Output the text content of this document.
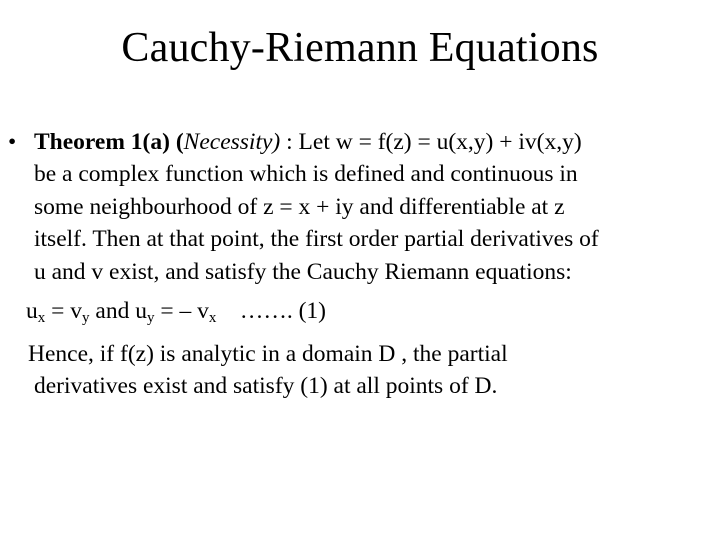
Cauchy-Riemann Equations
• Theorem 1(a) (Necessity) : Let w = f(z) = u(x,y) + iv(x,y)
be a complex function which is defined and continuous in
some neighbourhood of z = x + iy and differentiable at z
itself. Then at that point, the first order partial derivatives of
u and v exist, and satisfy the Cauchy Riemann equations:
$u_x = v_y$ and $u_y$ = – $v_x$    ……. (1)
Hence, if f(z) is analytic in a domain D , the partial
derivatives exist and satisfy (1) at all points of D.
